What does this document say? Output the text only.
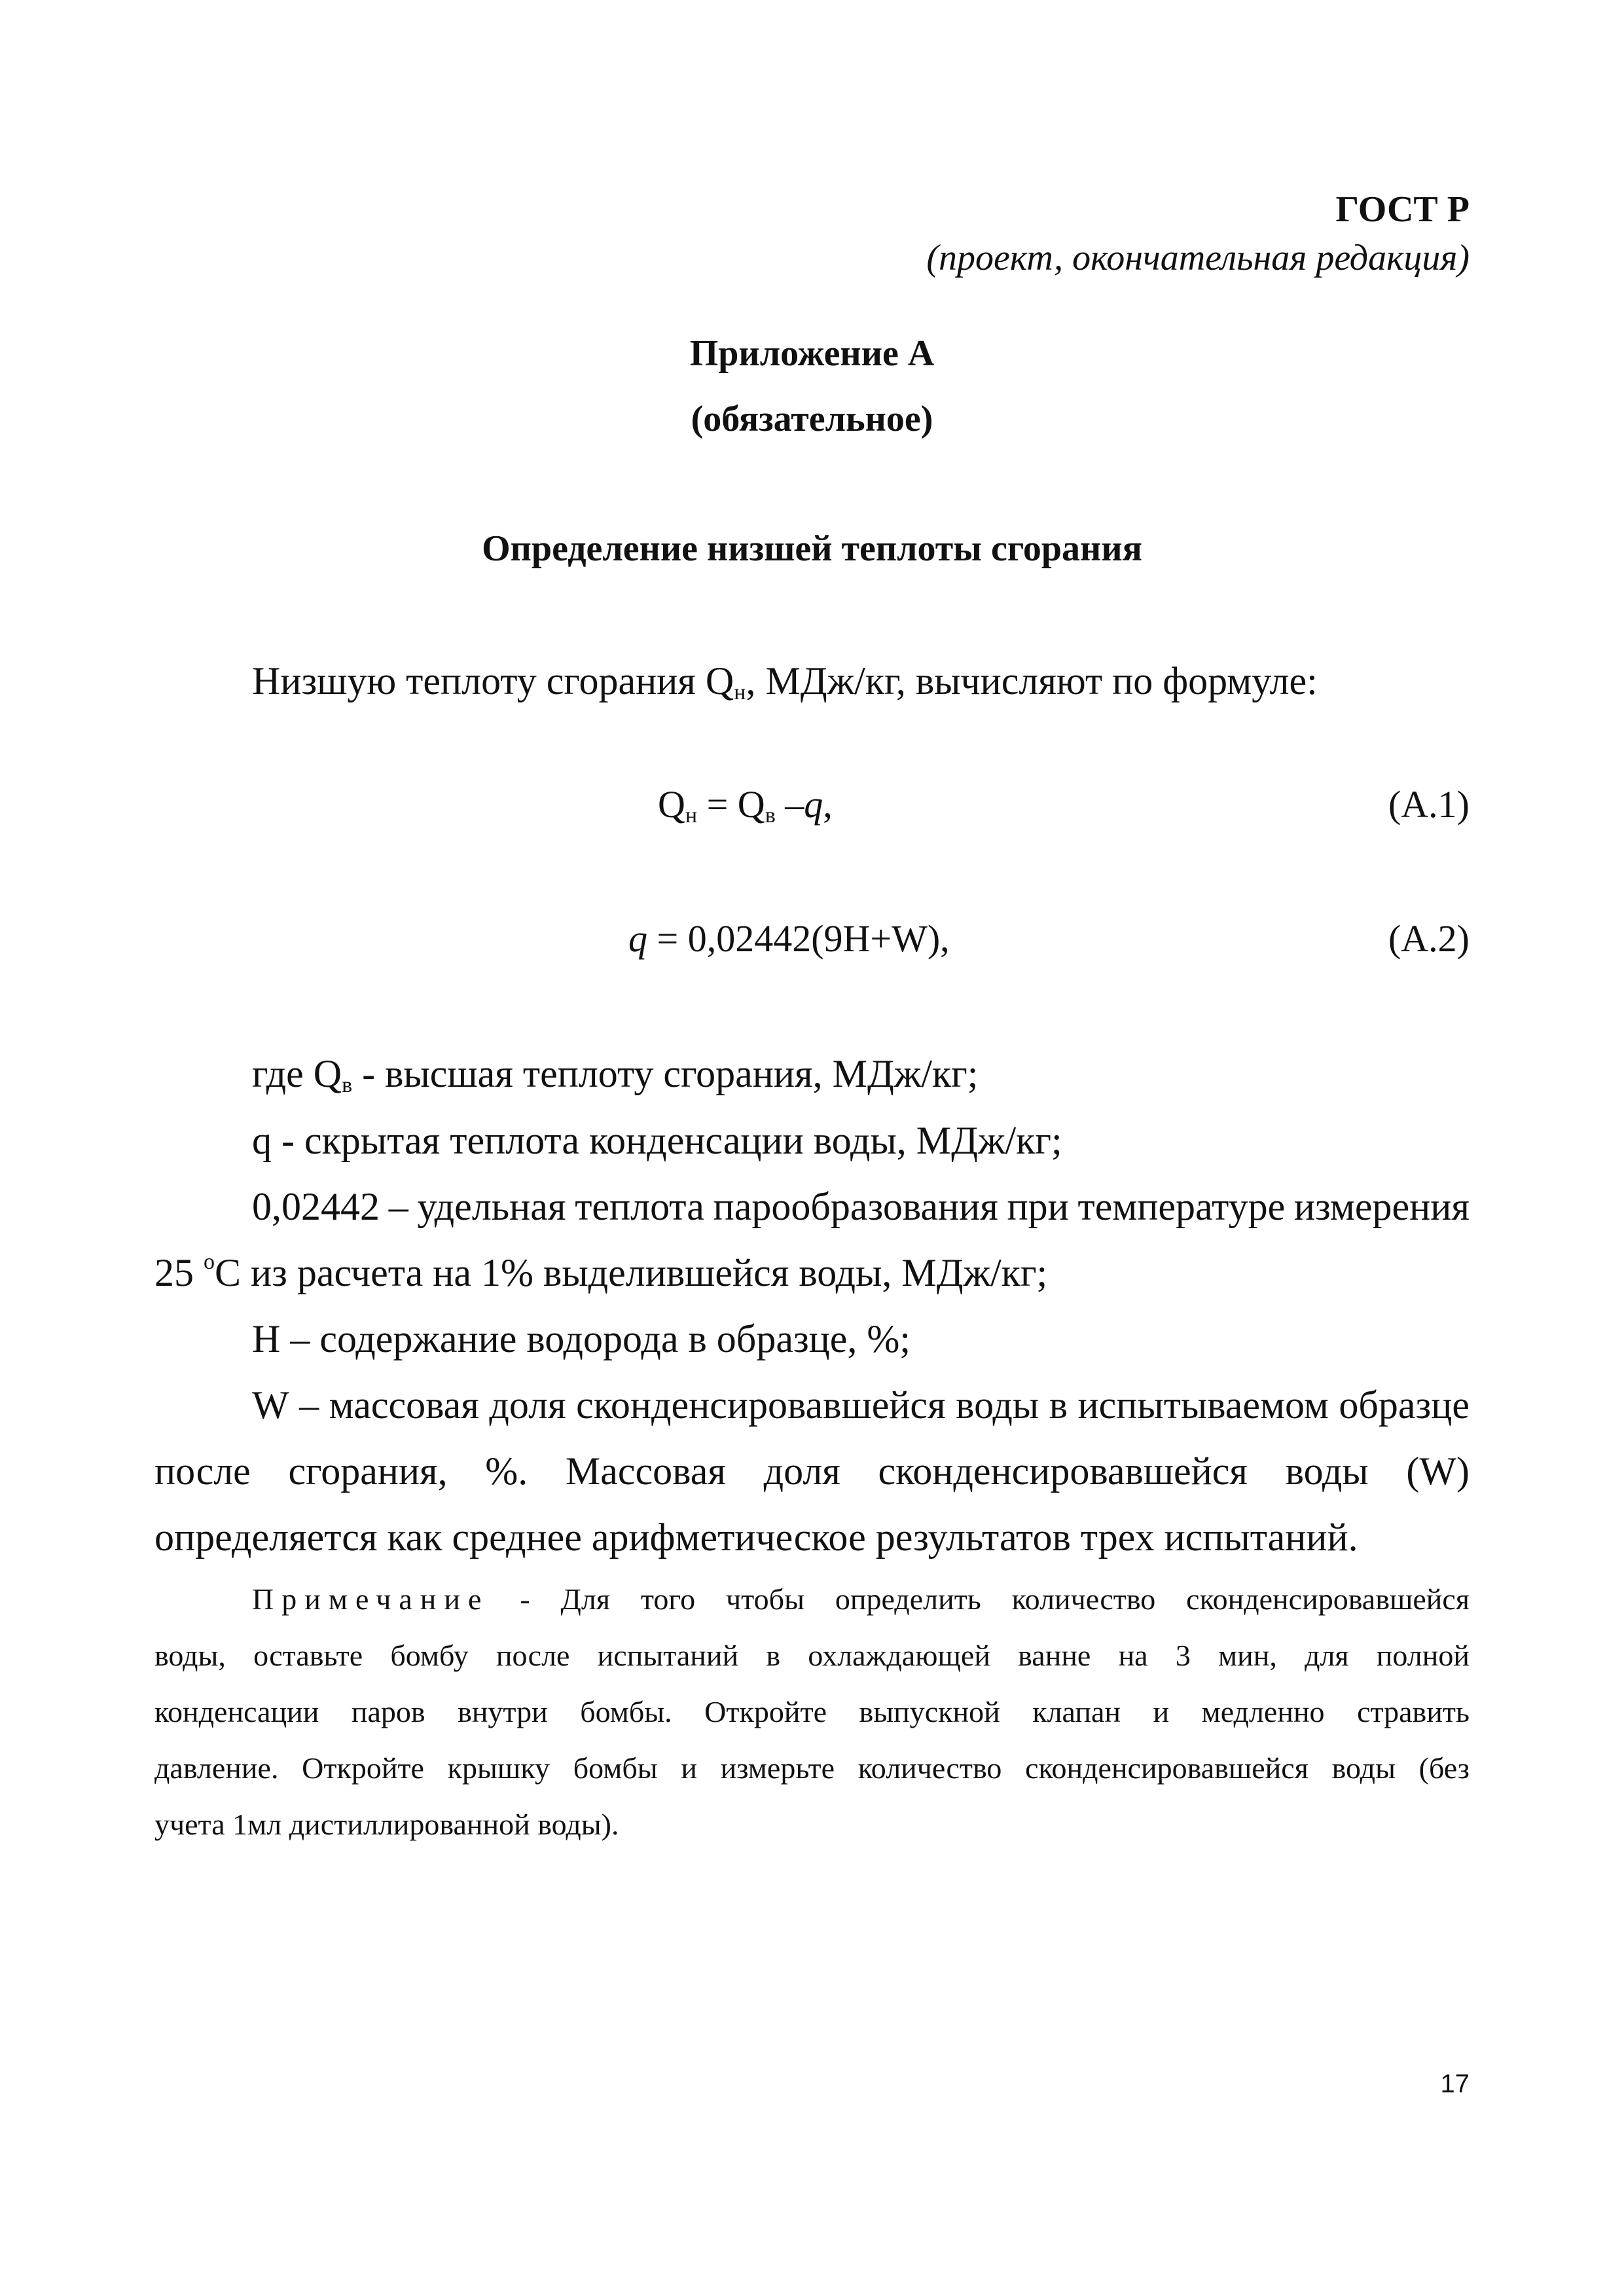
ГОСТ Р
(проект, окончательная редакция)
Приложение А
(обязательное)
Определение низшей теплоты сгорания
Низшую теплоту сгорания $Q_н$, МДж/кг, вычисляют по формуле:
$Q_н = Q_в$ –q,	(А.1)
q = 0,02442(9H+W),	(А.2)
где $Q_в$ - высшая теплоту сгорания, МДж/кг;
q - скрытая теплота конденсации воды, МДж/кг;
0,02442 – удельная теплота парообразования при температуре измерения
25 $^о$С из расчета на 1% выделившейся воды, МДж/кг;
H – содержание водорода в образце, %;
W – массовая доля сконденсировавшейся воды в испытываемом образце
после сгорания, %. Массовая доля сконденсировавшейся воды (W)
определяется как среднее арифметическое результатов трех испытаний.
Примечание - Для того чтобы определить количество сконденсировавшейся
воды, оставьте бомбу после испытаний в охлаждающей ванне на 3 мин, для полной
конденсации паров внутри бомбы. Откройте выпускной клапан и медленно стравить
давление. Откройте крышку бомбы и измерьте количество сконденсировавшейся воды (без
учета 1мл дистиллированной воды).
17
